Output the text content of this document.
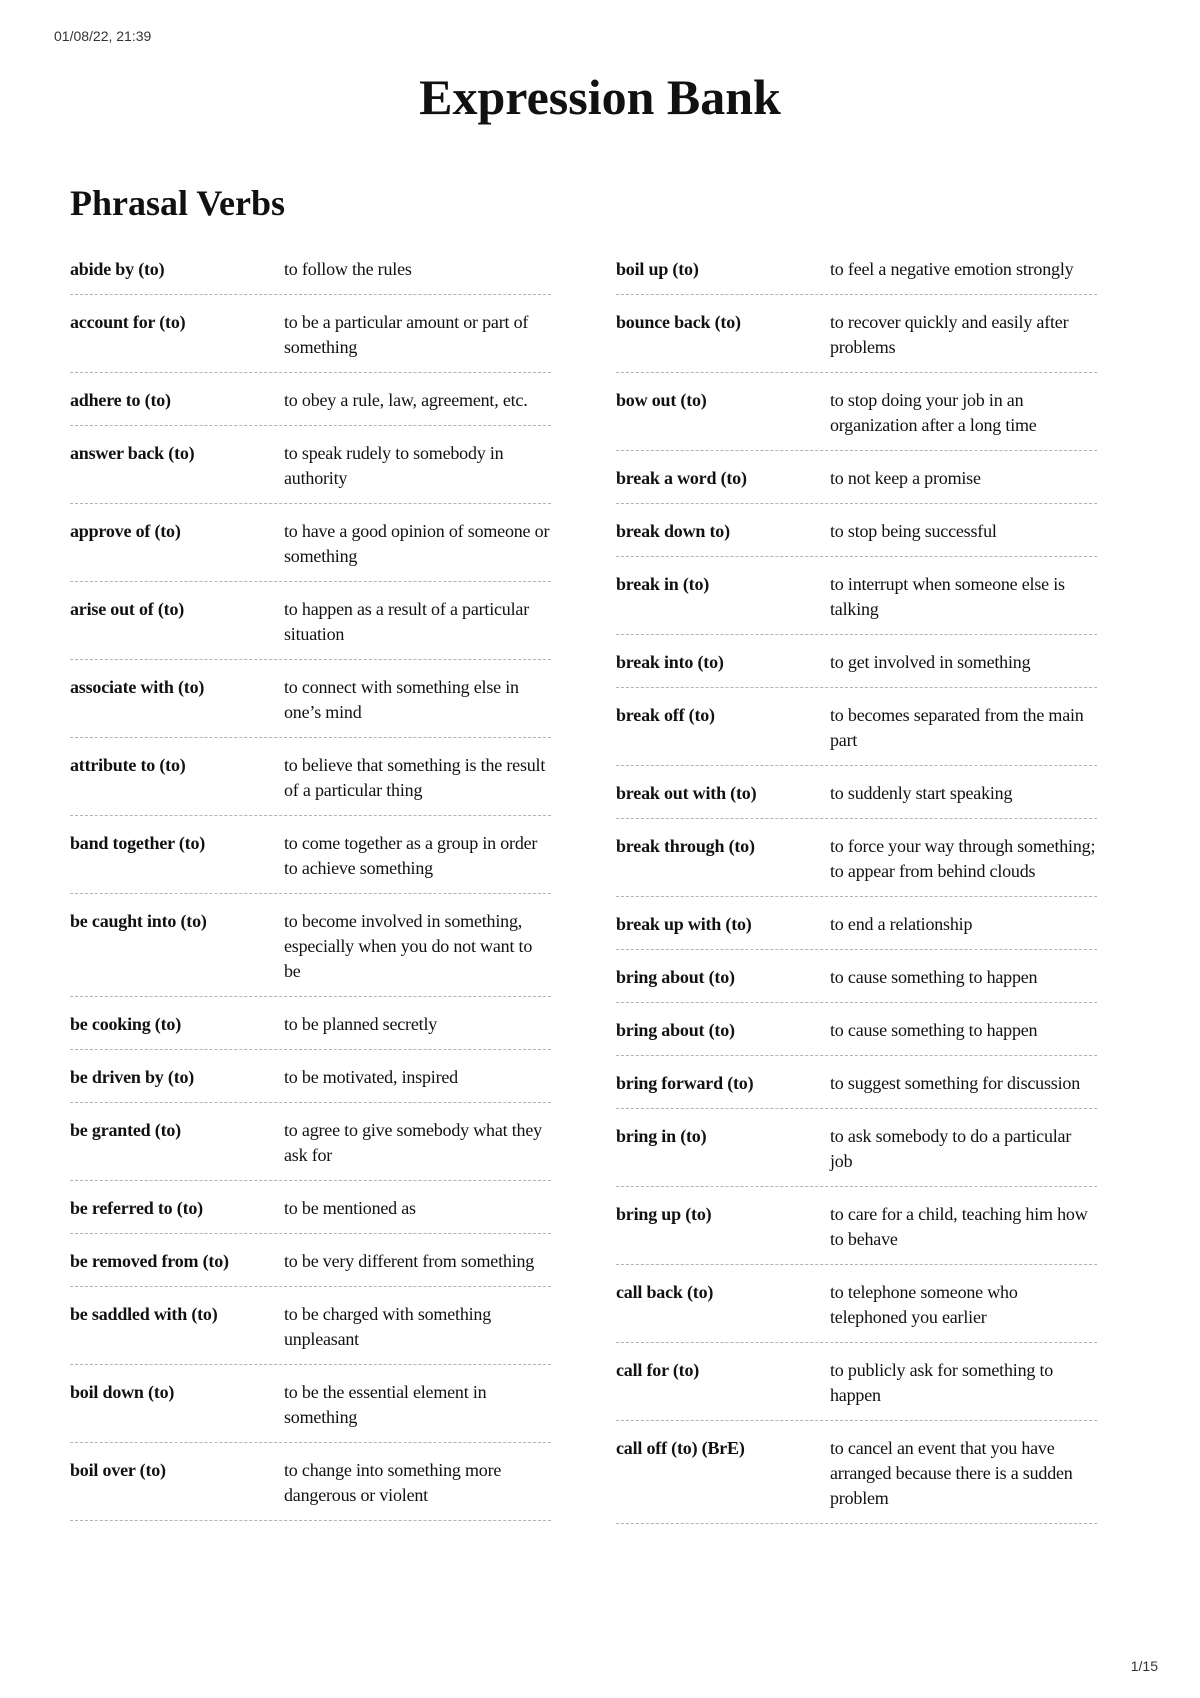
01/08/22, 21:39
Expression Bank
Phrasal Verbs
abide by (to)	to follow the rules
account for (to)	to be a particular amount or part of something
adhere to (to)	to obey a rule, law, agreement, etc.
answer back (to)	to speak rudely to somebody in authority
approve of (to)	to have a good opinion of someone or something
arise out of (to)	to happen as a result of a particular situation
associate with (to)	to connect with something else in one’s mind
attribute to (to)	to believe that something is the result of a particular thing
band together (to)	to come together as a group in order to achieve something
be caught into (to)	to become involved in something, especially when you do not want to be
be cooking (to)	to be planned secretly
be driven by (to)	to be motivated, inspired
be granted (to)	to agree to give somebody what they ask for
be referred to (to)	to be mentioned as
be removed from (to)	to be very different from something
be saddled with (to)	to be charged with something unpleasant
boil down (to)	to be the essential element in something
boil over (to)	to change into something more dangerous or violent
boil up (to)	to feel a negative emotion strongly
bounce back (to)	to recover quickly and easily after problems
bow out (to)	to stop doing your job in an organization after a long time
break a word (to)	to not keep a promise
break down to)	to stop being successful
break in (to)	to interrupt when someone else is talking
break into (to)	to get involved in something
break off (to)	to becomes separated from the main part
break out with (to)	to suddenly start speaking
break through (to)	to force your way through something; to appear from behind clouds
break up with (to)	to end a relationship
bring about (to)	to cause something to happen
bring about (to)	to cause something to happen
bring forward (to)	to suggest something for discussion
bring in (to)	to ask somebody to do a particular job
bring up (to)	to care for a child, teaching him how to behave
call back (to)	to telephone someone who telephoned you earlier
call for (to)	to publicly ask for something to happen
call off (to) (BrE)	to cancel an event that you have arranged because there is a sudden problem
1/15
